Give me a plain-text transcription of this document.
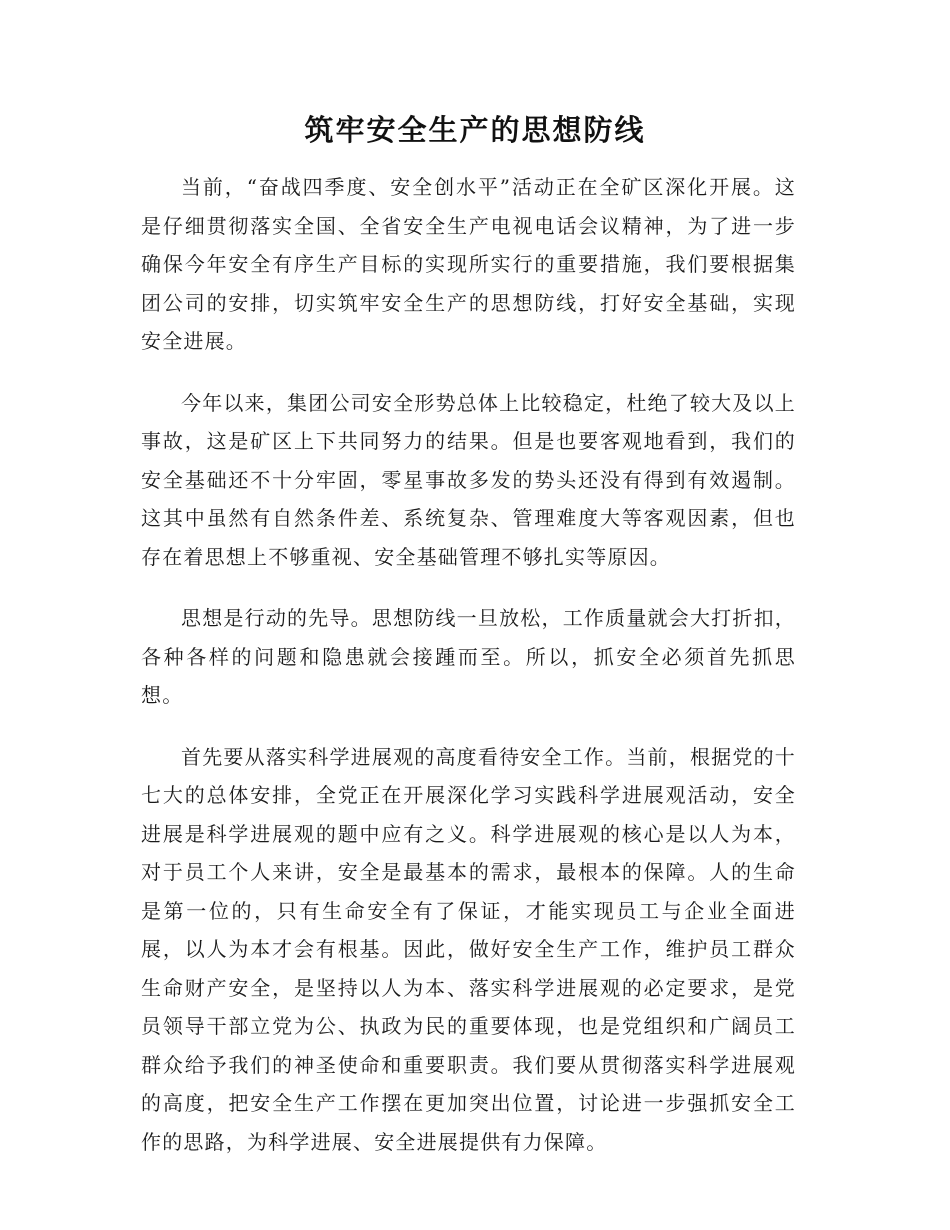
筑牢安全生产的思想防线

当前，“奋战四季度、安全创水平”活动正在全矿区深化开展。这是仔细贯彻落实全国、全省安全生产电视电话会议精神，为了进一步确保今年安全有序生产目标的实现所实行的重要措施，我们要根据集团公司的安排，切实筑牢安全生产的思想防线，打好安全基础，实现安全进展。

今年以来，集团公司安全形势总体上比较稳定，杜绝了较大及以上事故，这是矿区上下共同努力的结果。但是也要客观地看到，我们的安全基础还不十分牢固，零星事故多发的势头还没有得到有效遏制。这其中虽然有自然条件差、系统复杂、管理难度大等客观因素，但也存在着思想上不够重视、安全基础管理不够扎实等原因。

思想是行动的先导。思想防线一旦放松，工作质量就会大打折扣，各种各样的问题和隐患就会接踵而至。所以，抓安全必须首先抓思想。

首先要从落实科学进展观的高度看待安全工作。当前，根据党的十七大的总体安排，全党正在开展深化学习实践科学进展观活动，安全进展是科学进展观的题中应有之义。科学进展观的核心是以人为本，对于员工个人来讲，安全是最基本的需求，最根本的保障。人的生命是第一位的，只有生命安全有了保证，才能实现员工与企业全面进展，以人为本才会有根基。因此，做好安全生产工作，维护员工群众生命财产安全，是坚持以人为本、落实科学进展观的必定要求，是党员领导干部立党为公、执政为民的重要体现，也是党组织和广阔员工群众给予我们的神圣使命和重要职责。我们要从贯彻落实科学进展观的高度，把安全生产工作摆在更加突出位置，讨论进一步强抓安全工作的思路，为科学进展、安全进展提供有力保障。
